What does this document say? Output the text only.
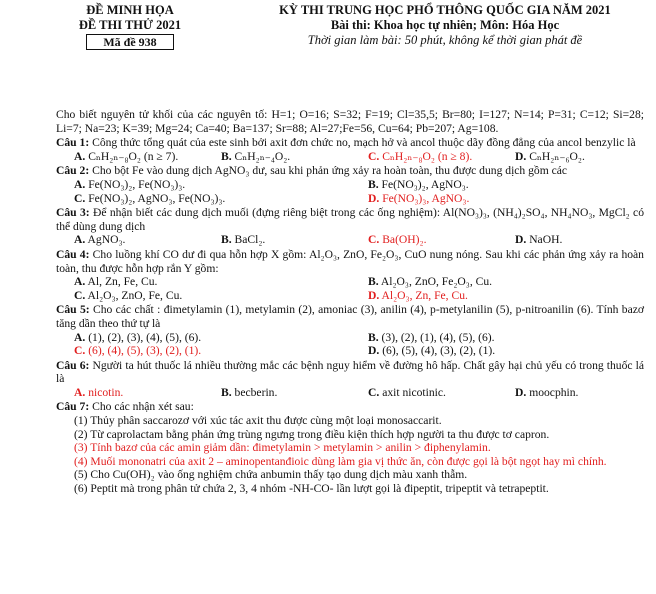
ĐỀ MINH HỌA
ĐỀ THI THỬ 2021
Mã đề 938
KỲ THI TRUNG HỌC PHỔ THÔNG QUỐC GIA NĂM 2021
Bài thi: Khoa học tự nhiên; Môn: Hóa Học
Thời gian làm bài: 50 phút, không kể thời gian phát đề
Cho biết nguyên tử khối của các nguyên tố: H=1; O=16; S=32; F=19; Cl=35,5; Br=80; I=127; N=14; P=31; C=12; Si=28; Li=7; Na=23; K=39; Mg=24; Ca=40; Ba=137; Sr=88; Al=27;Fe=56, Cu=64; Pb=207; Ag=108.
Câu 1: Công thức tổng quát của este sinh bởi axit đơn chức no, mạch hở và ancol thuộc dãy đồng đẳng của ancol benzylic là
A. CₙH₂ₙ₋₈O₂ (n ≥ 7).	B. CₙH₂ₙ₋₄O₂.	C. CₙH₂ₙ₋₈O₂ (n ≥ 8).	D. CₙH₂ₙ₋₆O₂.
Câu 2: Cho bột Fe vào dung dịch AgNO₃ dư, sau khi phản ứng xảy ra hoàn toàn, thu được dung dịch gồm các
A. Fe(NO₃)₂, Fe(NO₃)₃.	B. Fe(NO₃)₂, AgNO₃.
C. Fe(NO₃)₂, AgNO₃, Fe(NO₃)₃.	D. Fe(NO₃)₃, AgNO₃.
Câu 3: Để nhận biết các dung dịch muối (đựng riêng biệt trong các ống nghiệm): Al(NO₃)₃, (NH₄)₂SO₄, NH₄NO₃, MgCl₂ có thể dùng dung dịch
A. AgNO₃.	B. BaCl₂.	C. Ba(OH)₂.	D. NaOH.
Câu 4: Cho luồng khí CO dư đi qua hỗn hợp X gồm: Al₂O₃, ZnO, Fe₂O₃, CuO nung nóng. Sau khi các phản ứng xảy ra hoàn toàn, thu được hỗn hợp rắn Y gồm:
A. Al, Zn, Fe, Cu.	B. Al₂O₃, ZnO, Fe₂O₃, Cu.
C. Al₂O₃, ZnO, Fe, Cu.	D. Al₂O₃, Zn, Fe, Cu.
Câu 5: Cho các chất : đimetylamin (1), metylamin (2), amoniac (3), anilin (4), p-metylanilin (5), p-nitroanilin (6). Tính bazơ tăng dần theo thứ tự là
A. (1), (2), (3), (4), (5), (6).	B. (3), (2), (1), (4), (5), (6).
C. (6), (4), (5), (3), (2), (1).	D. (6), (5), (4), (3), (2), (1).
Câu 6: Người ta hút thuốc lá nhiều thường mắc các bệnh nguy hiểm về đường hô hấp. Chất gây hại chủ yếu có trong thuốc lá là
A. nicotin.	B. becberin.	C. axit nicotinic.	D. moocphin.
Câu 7: Cho các nhận xét sau:
(1) Thủy phân saccarozơ với xúc tác axit thu được cùng một loại monosaccarit.
(2) Từ caprolactam bằng phản ứng trùng ngưng trong điều kiện thích hợp người ta thu được tơ capron.
(3) Tính bazơ của các amin giảm dần: đimetylamin > metylamin > anilin > điphenylamin.
(4) Muối mononatri của axit 2 – aminopentanđioic dùng làm gia vị thức ăn, còn được gọi là bột ngọt hay mì chính.
(5) Cho Cu(OH)₂ vào ống nghiệm chứa anbumin thấy tạo dung dịch màu xanh thẫm.
(6) Peptit mà trong phân tử chứa 2, 3, 4 nhóm -NH-CO- lần lượt gọi là đipeptit, tripeptit và tetrapeptit.
